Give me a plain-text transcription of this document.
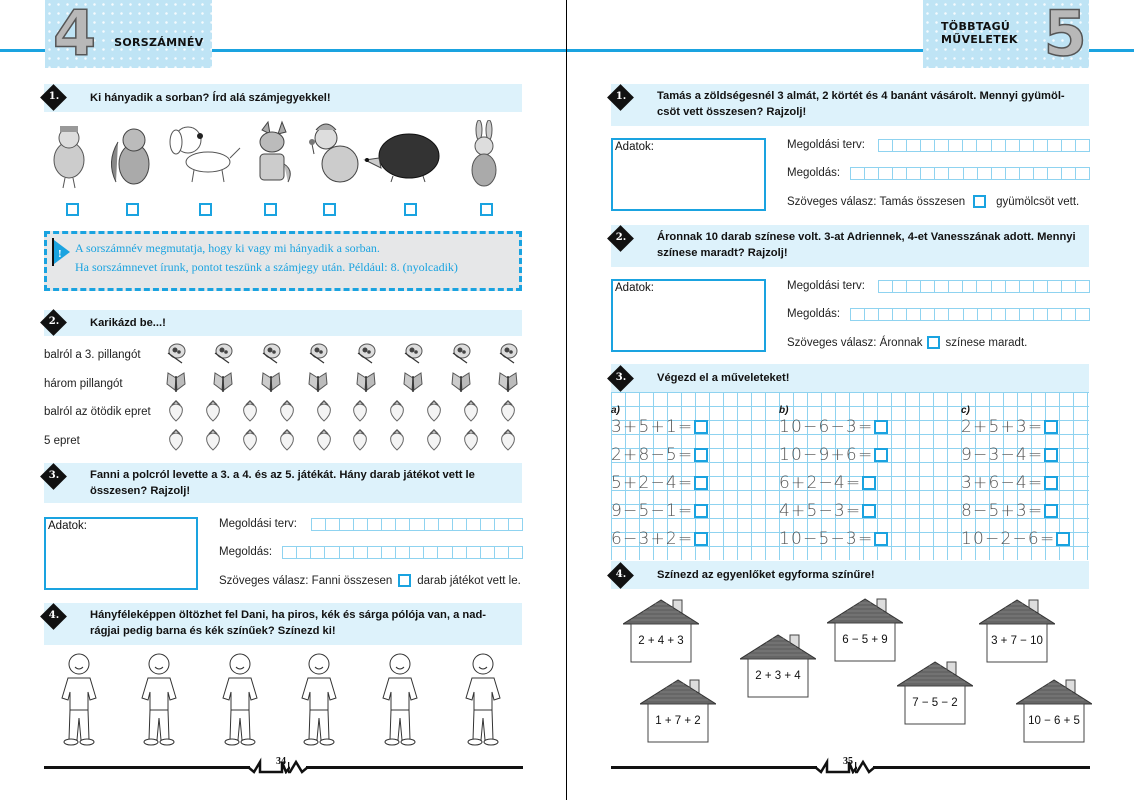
4 SORSZÁMNÉV
1.	Ki hányadik a sorban? Írd alá számjegyekkel!
! A sorszámnév megmutatja, hogy ki vagy mi hányadik a sorban.
Ha sorszámnevet írunk, pontot teszünk a számjegy után. Például: 8. (nyolcadik)
2.	Karikázd be...!
balról a 3. pillangót
három pillangót
balról az ötödik epret
5 epret
3.	Fanni a polcról levette a 3. a 4. és az 5. játékát. Hány darab játékot vett le
összesen? Rajzolj!
Adatok:	Megoldási terv:
Megoldás:
Szöveges válasz: Fanni összesen darab játékot vett le.
4.	Hányféleképpen öltözhet fel Dani, ha piros, kék és sárga pólója van, a nad-
rágjai pedig barna és kék színűek? Színezd ki!
34
TÖBBTAGÚ
MŰVELETEK 5
1.	Tamás a zöldségesnél 3 almát, 2 körtét és 4 banánt vásárolt. Mennyi gyümöl-
csöt vett összesen? Rajzolj!
Adatok:	Megoldási terv:
Megoldás:
Szöveges válasz: Tamás összesen	gyümölcsöt vett.
2.	Áronnak 10 darab színese volt. 3-at Adriennek, 4-et Vanesszának adott. Mennyi
színese maradt? Rajzolj!
Adatok:	Megoldási terv:
Megoldás:
Szöveges válasz: Áronnak színese maradt.
3.	Végezd el a műveleteket!
a)
3+5+1=
2+8−5=
5+2−4=
9−5−1=
6−3+2=
b)
10−6−3=
10−9+6=
6+2−4=
4+5−3=
10−5−3=
c)
2+5+3=
9−3−4=
3+6−4=
8−5+3=
10−2−6=
4.	Színezd az egyenlőket egyforma színűre!
2 + 4 + 3
2 + 3 + 4
6 − 5 + 9	3 + 7 − 10
1 + 7 + 2
7 − 5 − 2
10 − 6 + 5
35
